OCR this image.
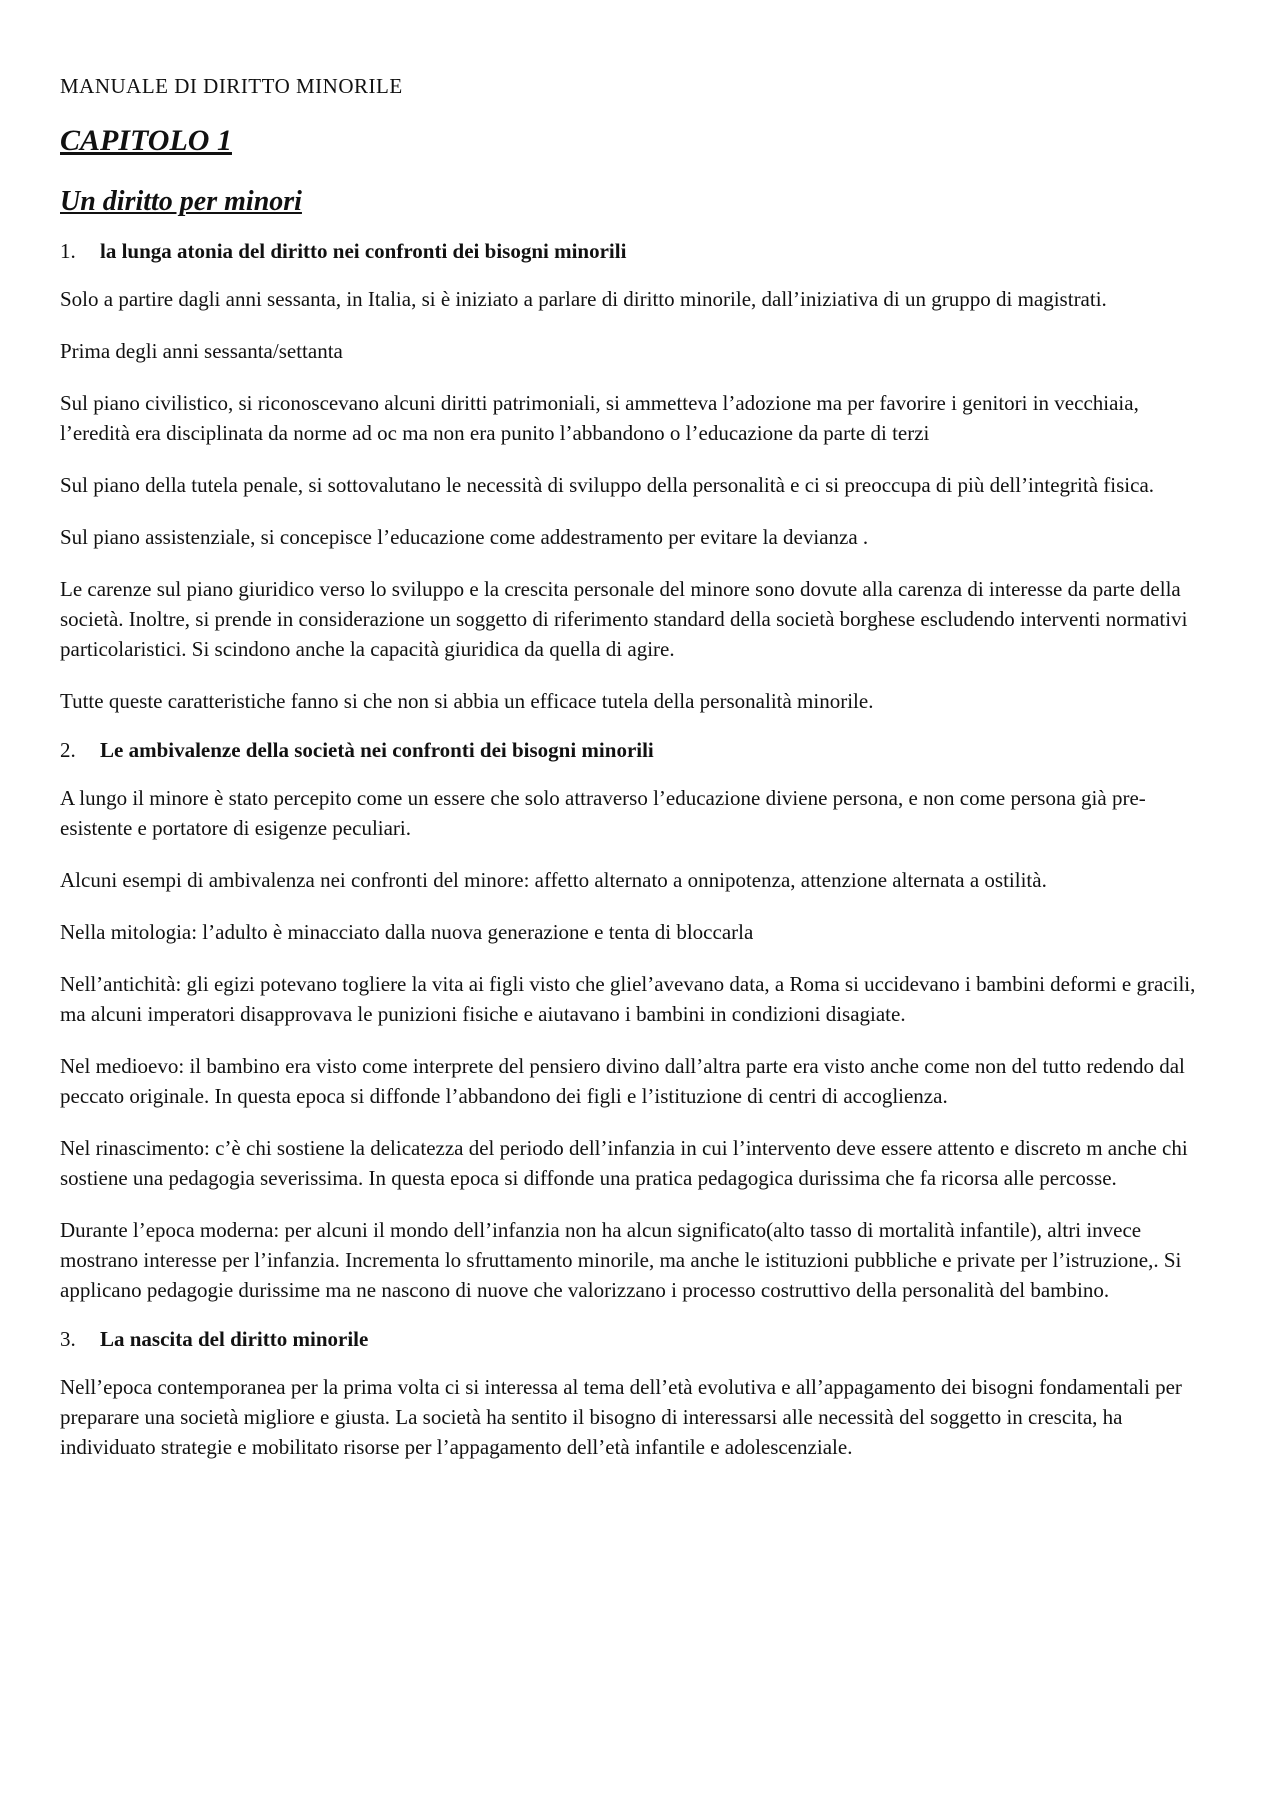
MANUALE DI DIRITTO MINORILE
CAPITOLO 1
Un diritto per minori
1. la lunga atonia del diritto nei confronti dei bisogni minorili

Solo a partire dagli anni sessanta, in Italia, si è iniziato a parlare di diritto minorile, dall’iniziativa di un gruppo di magistrati.

Prima degli anni sessanta/settanta

Sul piano civilistico, si riconoscevano alcuni diritti patrimoniali, si ammetteva l’adozione ma per favorire i genitori in vecchiaia, l’eredità era disciplinata da norme ad oc ma non era punito l’abbandono o l’educazione da parte di terzi

Sul piano della tutela penale, si sottovalutano le necessità di sviluppo della personalità e ci si preoccupa di più dell’integrità fisica.

Sul piano assistenziale, si concepisce l’educazione come addestramento per evitare la devianza .

Le carenze sul piano giuridico verso lo sviluppo e la crescita personale del minore sono dovute alla carenza di interesse da parte della società. Inoltre, si prende in considerazione un soggetto di riferimento standard della società borghese escludendo interventi normativi particolaristici. Si scindono anche la capacità giuridica da quella di agire.

Tutte queste caratteristiche fanno si che non si abbia un efficace tutela della personalità minorile.

2. Le ambivalenze della società nei confronti dei bisogni minorili

A lungo il minore è stato percepito come un essere che solo attraverso l’educazione diviene persona, e non come persona già pre-esistente e portatore di esigenze peculiari.

Alcuni esempi di ambivalenza nei confronti del minore: affetto alternato a onnipotenza, attenzione alternata a ostilità.

Nella mitologia: l’adulto è minacciato dalla nuova generazione e tenta di bloccarla

Nell’antichità: gli egizi potevano togliere la vita ai figli visto che gliel’avevano data, a Roma si uccidevano i bambini deformi e gracili, ma alcuni imperatori disapprovava le punizioni fisiche e aiutavano i bambini in condizioni disagiate.

Nel medioevo: il bambino era visto come interprete del pensiero divino dall’altra parte era visto anche come non del tutto redendo dal peccato originale. In questa epoca si diffonde l’abbandono dei figli e l’istituzione di centri di accoglienza.

Nel rinascimento: c’è chi sostiene la delicatezza del periodo dell’infanzia in cui l’intervento deve essere attento e discreto m anche chi sostiene una pedagogia severissima. In questa epoca si diffonde una pratica pedagogica durissima che fa ricorsa alle percosse.

Durante l’epoca moderna: per alcuni il mondo dell’infanzia non ha alcun significato(alto tasso di mortalità infantile), altri invece mostrano interesse per l’infanzia. Incrementa lo sfruttamento minorile, ma anche le istituzioni pubbliche e private per l’istruzione,. Si applicano pedagogie durissime ma ne nascono di nuove che valorizzano i processo costruttivo della personalità del bambino.

3. La nascita del diritto minorile

Nell’epoca contemporanea per la prima volta ci si interessa al tema dell’età evolutiva e all’appagamento dei bisogni fondamentali per preparare una società migliore e giusta. La società ha sentito il bisogno di interessarsi alle necessità del soggetto in crescita, ha individuato strategie e mobilitato risorse per l’appagamento dell’età infantile e adolescenziale.
